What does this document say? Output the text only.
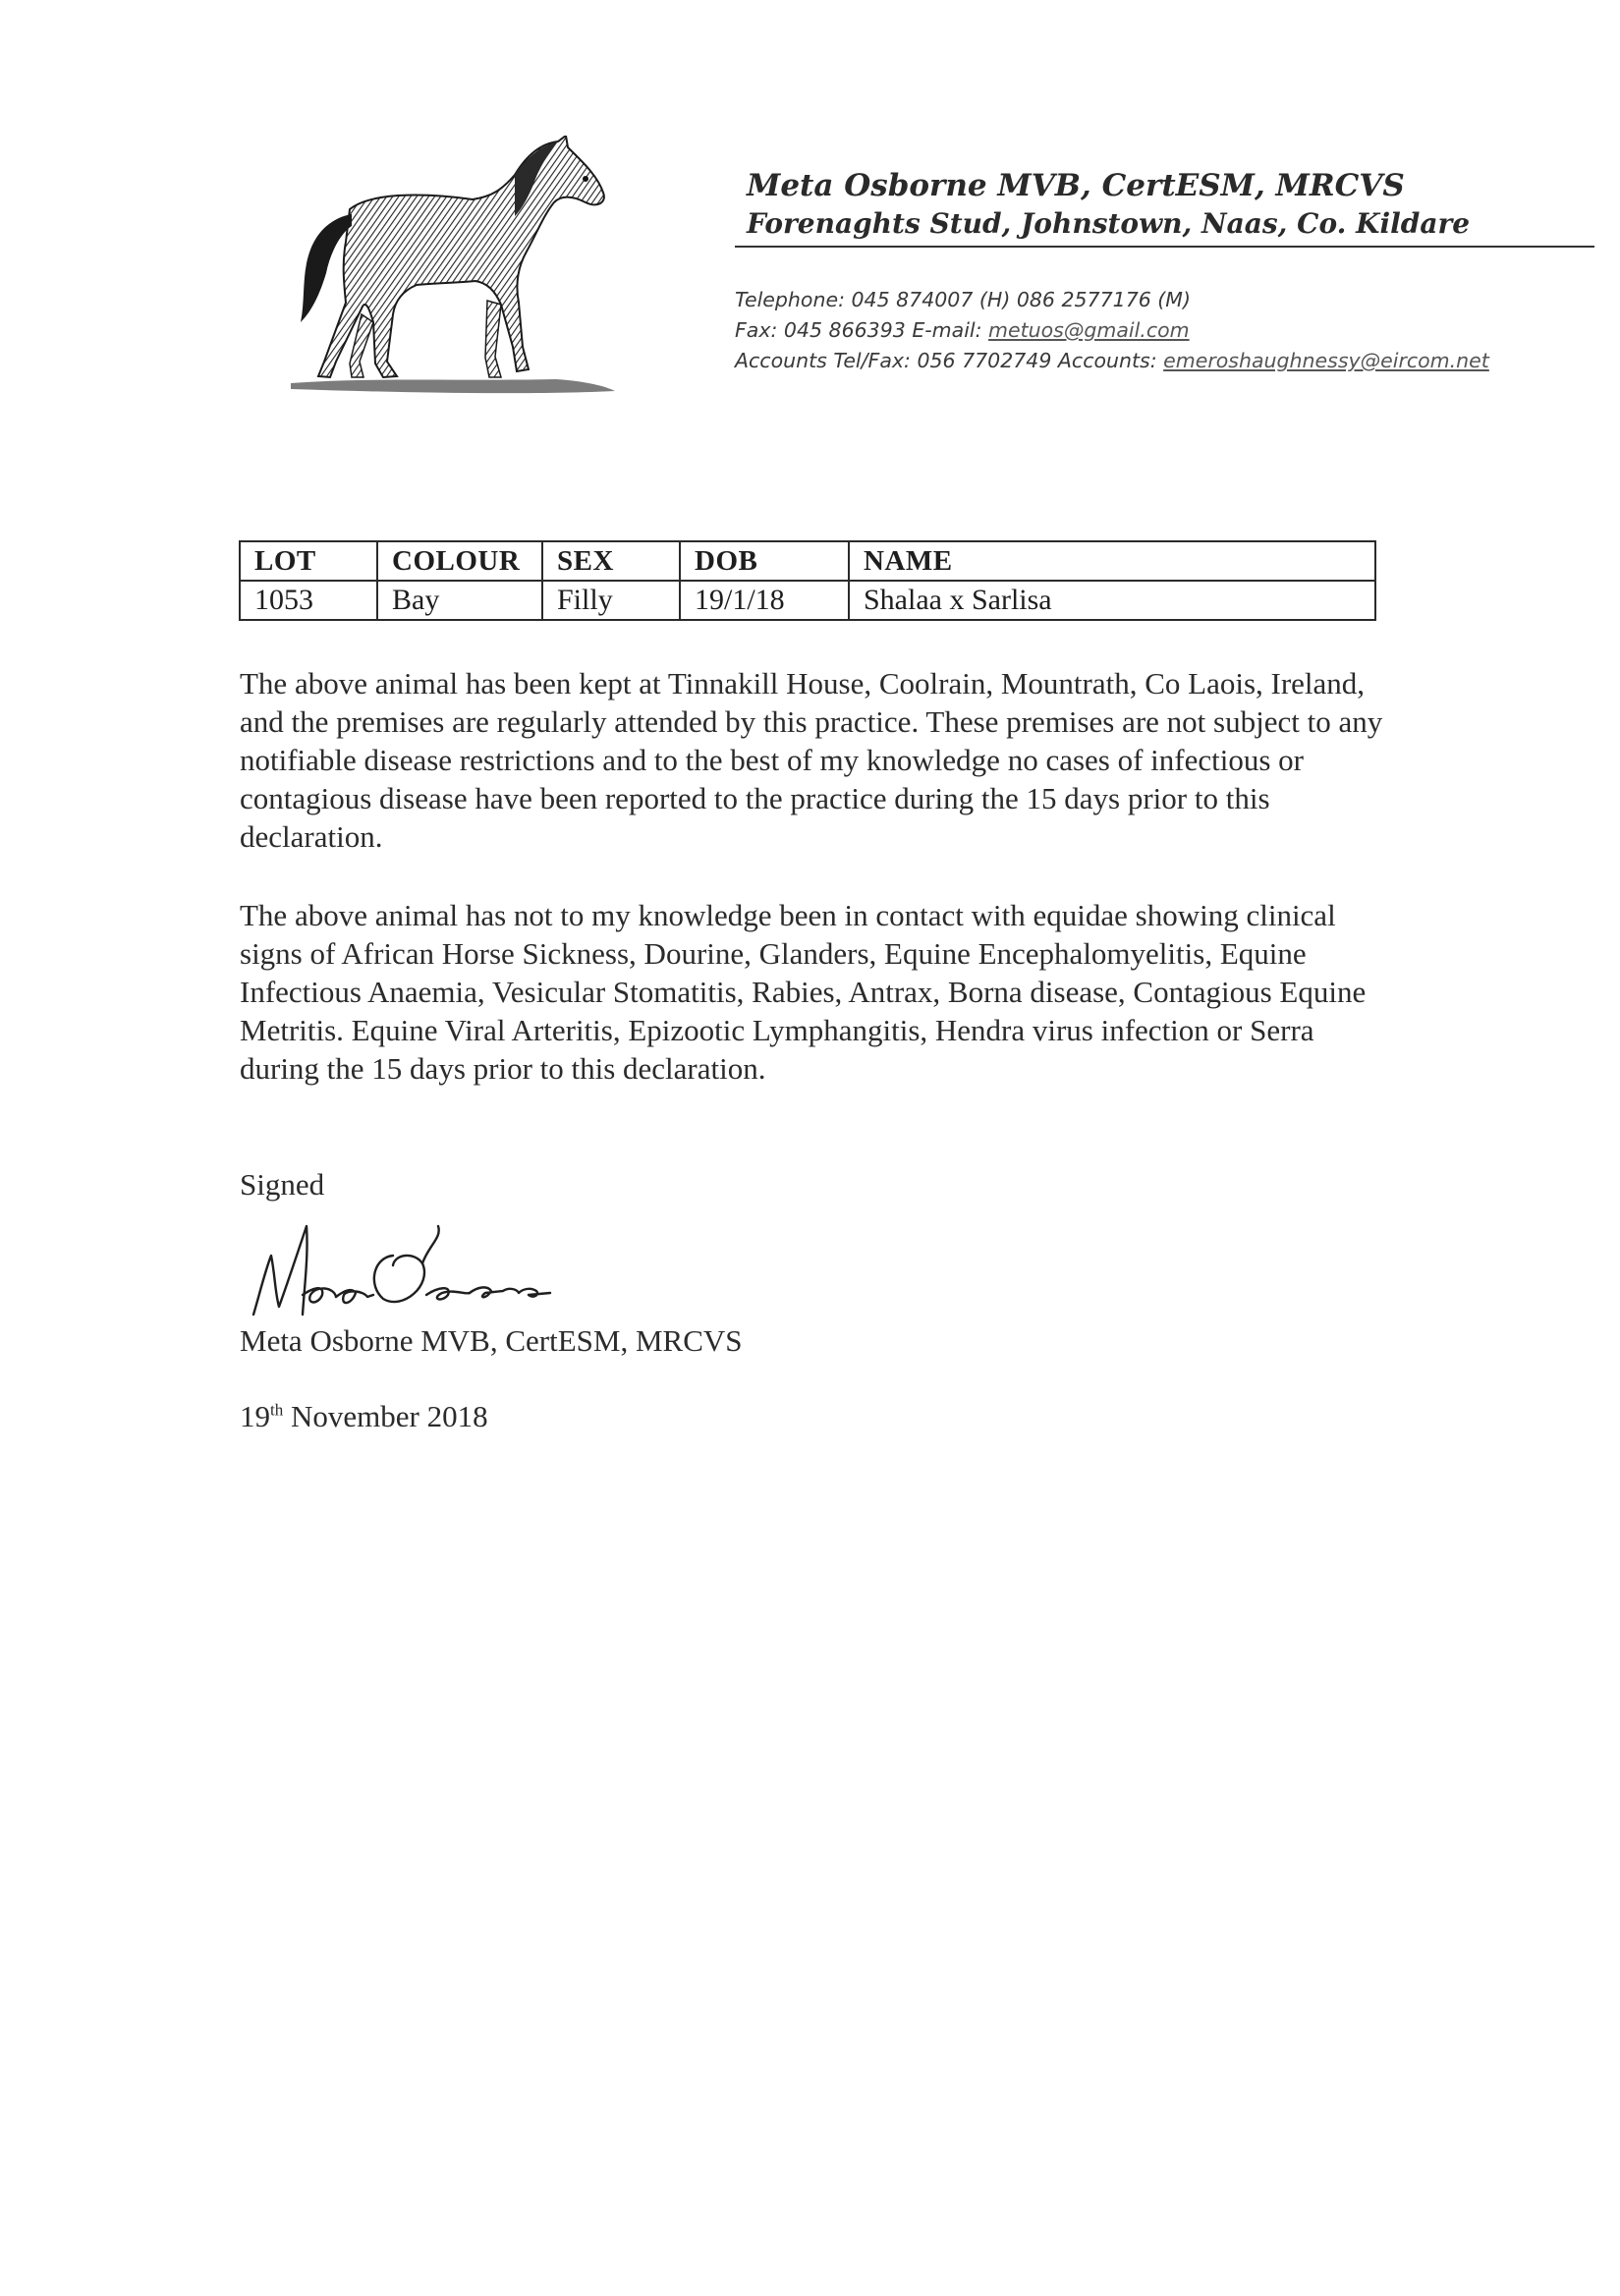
Meta Osborne MVB, CertESM, MRCVS
Forenaghts Stud, Johnstown, Naas, Co. Kildare
Telephone: 045 874007 (H) 086 2577176 (M)
Fax: 045 866393 E-mail: metuos@gmail.com
Accounts Tel/Fax: 056 7702749 Accounts: emeroshaughnessy@eircom.net
LOT	COLOUR	SEX	DOB	NAME
1053	Bay	Filly	19/1/18	Shalaa x Sarlisa
The above animal has been kept at Tinnakill House, Coolrain, Mountrath, Co Laois, Ireland, and the premises are regularly attended by this practice. These premises are not subject to any notifiable disease restrictions and to the best of my knowledge no cases of infectious or contagious disease have been reported to the practice during the 15 days prior to this declaration.
The above animal has not to my knowledge been in contact with equidae showing clinical signs of African Horse Sickness, Dourine, Glanders, Equine Encephalomyelitis, Equine Infectious Anaemia, Vesicular Stomatitis, Rabies, Antrax, Borna disease, Contagious Equine Metritis. Equine Viral Arteritis, Epizootic Lymphangitis, Hendra virus infection or Serra during the 15 days prior to this declaration.
Signed
Meta Osborne MVB, CertESM, MRCVS
19th November 2018
